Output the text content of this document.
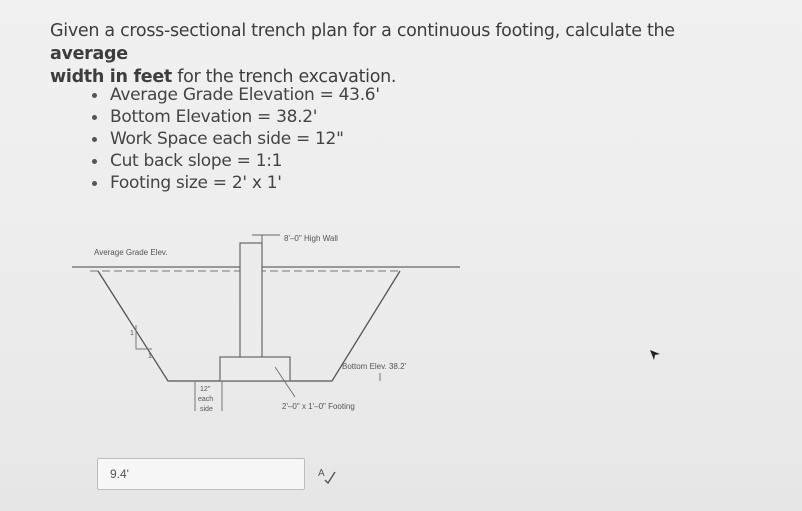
Given a cross-sectional trench plan for a continuous footing, calculate the average
width in feet for the trench excavation.
Average Grade Elevation = 43.6'
Bottom Elevation = 38.2'
Work Space each side = 12"
Cut back slope = 1:1
Footing size = 2' x 1'
1
1
12"
each
side
Average Grade Elev.
8'–0" High Wall
Bottom Elev. 38.2'
2'–0" x 1'–0" Footing
9.4'	A
